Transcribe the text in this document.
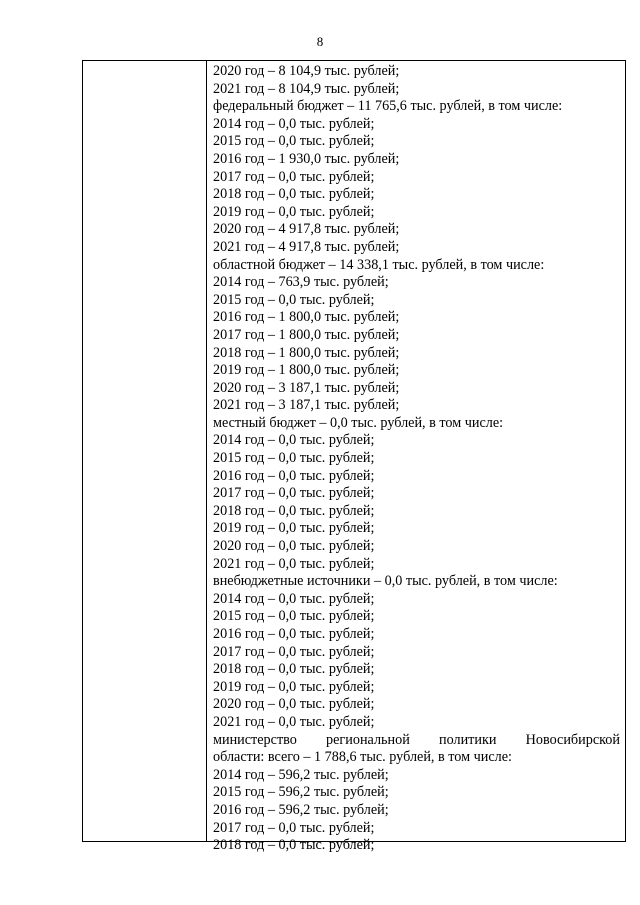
8
2020 год – 8 104,9 тыс. рублей;
2021 год – 8 104,9 тыс. рублей;
федеральный бюджет – 11 765,6 тыс. рублей, в том числе:
2014 год – 0,0 тыс. рублей;
2015 год – 0,0 тыс. рублей;
2016 год – 1 930,0 тыс. рублей;
2017 год – 0,0 тыс. рублей;
2018 год – 0,0 тыс. рублей;
2019 год – 0,0 тыс. рублей;
2020 год – 4 917,8 тыс. рублей;
2021 год – 4 917,8 тыс. рублей;
областной бюджет – 14 338,1 тыс. рублей, в том числе:
2014 год – 763,9 тыс. рублей;
2015 год – 0,0 тыс. рублей;
2016 год – 1 800,0 тыс. рублей;
2017 год – 1 800,0 тыс. рублей;
2018 год – 1 800,0 тыс. рублей;
2019 год – 1 800,0 тыс. рублей;
2020 год – 3 187,1 тыс. рублей;
2021 год – 3 187,1 тыс. рублей;
местный бюджет – 0,0 тыс. рублей, в том числе:
2014 год – 0,0 тыс. рублей;
2015 год – 0,0 тыс. рублей;
2016 год – 0,0 тыс. рублей;
2017 год – 0,0 тыс. рублей;
2018 год – 0,0 тыс. рублей;
2019 год – 0,0 тыс. рублей;
2020 год – 0,0 тыс. рублей;
2021 год – 0,0 тыс. рублей;
внебюджетные источники – 0,0 тыс. рублей, в том числе:
2014 год – 0,0 тыс. рублей;
2015 год – 0,0 тыс. рублей;
2016 год – 0,0 тыс. рублей;
2017 год – 0,0 тыс. рублей;
2018 год – 0,0 тыс. рублей;
2019 год – 0,0 тыс. рублей;
2020 год – 0,0 тыс. рублей;
2021 год – 0,0 тыс. рублей;
министерство региональной политики Новосибирской
области: всего – 1 788,6 тыс. рублей, в том числе:
2014 год – 596,2 тыс. рублей;
2015 год – 596,2 тыс. рублей;
2016 год – 596,2 тыс. рублей;
2017 год – 0,0 тыс. рублей;
2018 год – 0,0 тыс. рублей;
